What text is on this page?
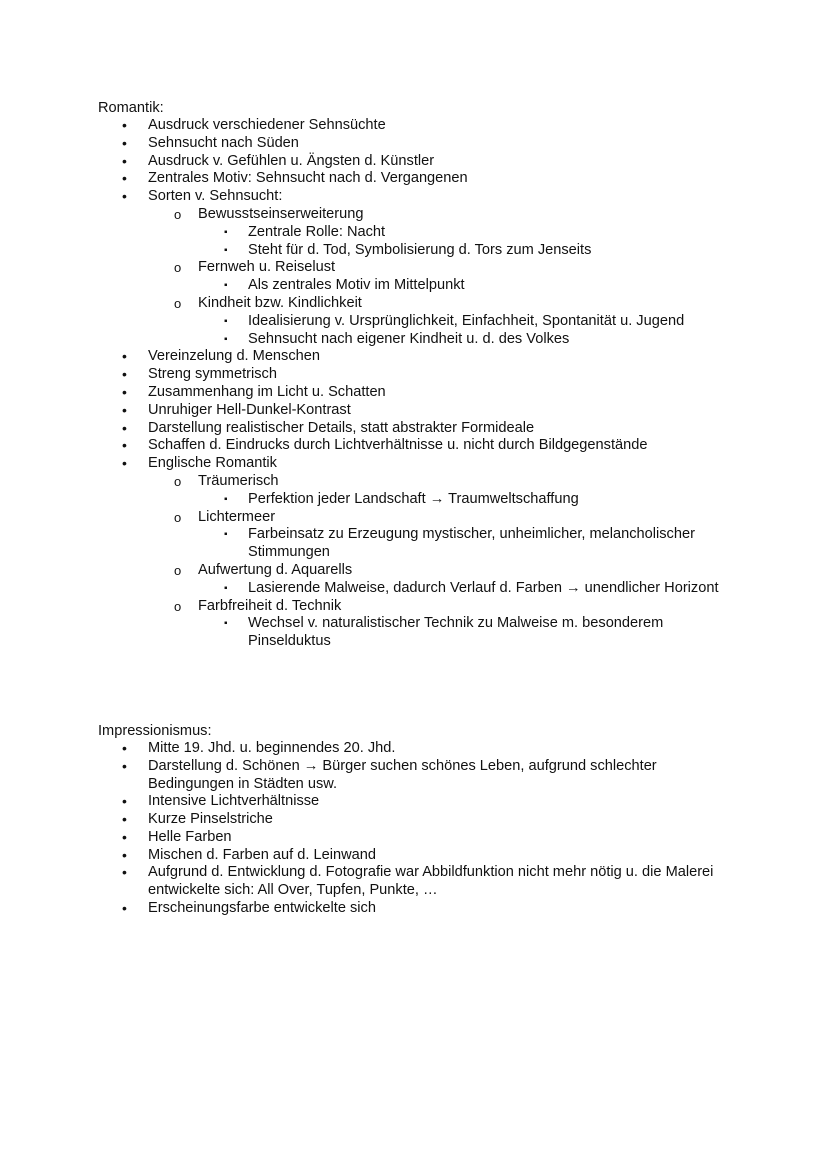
Romantik:

• Ausdruck verschiedener Sehnsüchte
• Sehnsucht nach Süden
• Ausdruck v. Gefühlen u. Ängsten d. Künstler
• Zentrales Motiv: Sehnsucht nach d. Vergangenen
• Sorten v. Sehnsucht:
o Bewusstseinserweiterung
▪ Zentrale Rolle: Nacht
▪ Steht für d. Tod, Symbolisierung d. Tors zum Jenseits
o Fernweh u. Reiselust
▪ Als zentrales Motiv im Mittelpunkt
o Kindheit bzw. Kindlichkeit
▪ Idealisierung v. Ursprünglichkeit, Einfachheit, Spontanität u. Jugend
▪ Sehnsucht nach eigener Kindheit u. d. des Volkes
• Vereinzelung d. Menschen
• Streng symmetrisch
• Zusammenhang im Licht u. Schatten
• Unruhiger Hell-Dunkel-Kontrast
• Darstellung realistischer Details, statt abstrakter Formideale
• Schaffen d. Eindrucks durch Lichtverhältnisse u. nicht durch Bildgegenstände
• Englische Romantik
o Träumerisch
▪ Perfektion jeder Landschaft → Traumweltschaffung
o Lichtermeer
▪ Farbeinsatz zu Erzeugung mystischer, unheimlicher, melancholischer Stimmungen
o Aufwertung d. Aquarells
▪ Lasierende Malweise, dadurch Verlauf d. Farben → unendlicher Horizont
o Farbfreiheit d. Technik
▪ Wechsel v. naturalistischer Technik zu Malweise m. besonderem Pinselduktus

Impressionismus:

• Mitte 19. Jhd. u. beginnendes 20. Jhd.
• Darstellung d. Schönen → Bürger suchen schönes Leben, aufgrund schlechter Bedingungen in Städten usw.
• Intensive Lichtverhältnisse
• Kurze Pinselstriche
• Helle Farben
• Mischen d. Farben auf d. Leinwand
• Aufgrund d. Entwicklung d. Fotografie war Abbildfunktion nicht mehr nötig u. die Malerei entwickelte sich: All Over, Tupfen, Punkte, …
• Erscheinungsfarbe entwickelte sich
